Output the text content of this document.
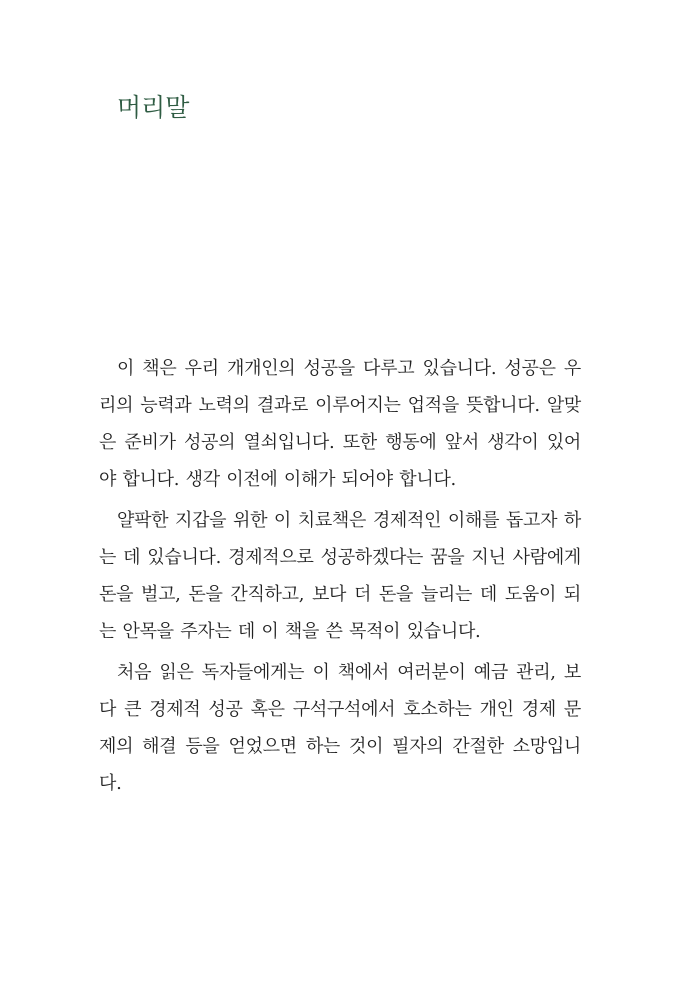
머리말

이 책은 우리 개개인의 성공을 다루고 있습니다. 성공은 우리의 능력과 노력의 결과로 이루어지는 업적을 뜻합니다. 알맞은 준비가 성공의 열쇠입니다. 또한 행동에 앞서 생각이 있어야 합니다. 생각 이전에 이해가 되어야 합니다.

얄팍한 지갑을 위한 이 치료책은 경제적인 이해를 돕고자 하는 데 있습니다. 경제적으로 성공하겠다는 꿈을 지닌 사람에게 돈을 벌고, 돈을 간직하고, 보다 더 돈을 늘리는 데 도움이 되는 안목을 주자는 데 이 책을 쓴 목적이 있습니다.

처음 읽은 독자들에게는 이 책에서 여러분이 예금 관리, 보다 큰 경제적 성공 혹은 구석구석에서 호소하는 개인 경제 문제의 해결 등을 얻었으면 하는 것이 필자의 간절한 소망입니다.
